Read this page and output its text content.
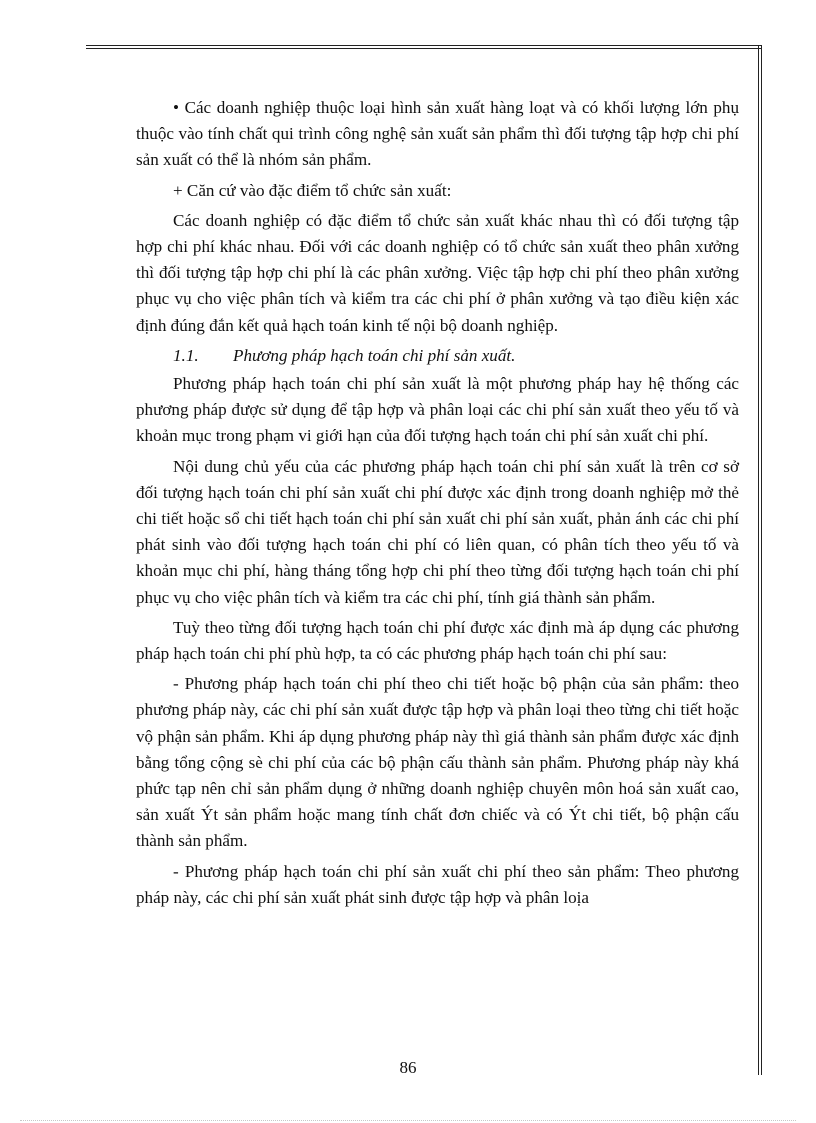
• Các doanh nghiệp thuộc loại hình sản xuất hàng loạt và có khối lượng lớn phụ thuộc vào tính chất qui trình công nghệ sản xuất sản phẩm thì đối tượng tập hợp chi phí sản xuất có thể là nhóm sản phẩm.

+ Căn cứ vào đặc điểm tổ chức sản xuất:

Các doanh nghiệp có đặc điểm tổ chức sản xuất khác nhau thì có đối tượng tập hợp chi phí khác nhau. Đối với các doanh nghiệp có tổ chức sản xuất theo phân xưởng thì đối tượng tập hợp chi phí là các phân xưởng. Việc tập hợp chi phí theo phân xưởng phục vụ cho việc phân tích và kiểm tra các chi phí ở phân xưởng và tạo điều kiện xác định đúng đắn kết quả hạch toán kinh tế nội bộ doanh nghiệp.

1.1. Phương pháp hạch toán chi phí sản xuất.

Phương pháp hạch toán chi phí sản xuất là một phương pháp hay hệ thống các phương pháp được sử dụng để tập hợp và phân loại các chi phí sản xuất theo yếu tố và khoản mục trong phạm vi giới hạn của đối tượng hạch toán chi phí sản xuất chi phí.

Nội dung chủ yếu của các phương pháp hạch toán chi phí sản xuất là trên cơ sở đối tượng hạch toán chi phí sản xuất chi phí được xác định trong doanh nghiệp mở thẻ chi tiết hoặc sổ chi tiết hạch toán chi phí sản xuất chi phí sản xuất, phản ánh các chi phí phát sinh vào đối tượng hạch toán chi phí có liên quan, có phân tích theo yếu tố và khoản mục chi phí, hàng tháng tổng hợp chi phí theo từng đối tượng hạch toán chi phí phục vụ cho việc phân tích và kiểm tra các chi phí, tính giá thành sản phẩm.

Tuỳ theo từng đối tượng hạch toán chi phí được xác định mà áp dụng các phương pháp hạch toán chi phí phù hợp, ta có các phương pháp hạch toán chi phí sau:

- Phương pháp hạch toán chi phí theo chi tiết hoặc bộ phận của sản phẩm: theo phương pháp này, các chi phí sản xuất được tập hợp và phân loại theo từng chi tiết hoặc vộ phận sản phẩm. Khi áp dụng phương pháp này thì giá thành sản phẩm được xác định bằng tổng cộng sè chi phí của các bộ phận cấu thành sản phẩm. Phương pháp này khá phức tạp nên chỉ sản phẩm dụng ở những doanh nghiệp chuyên môn hoá sản xuất cao, sản xuất Ýt sản phẩm hoặc mang tính chất đơn chiếc và có Ýt chi tiết, bộ phận cấu thành sản phẩm.

- Phương pháp hạch toán chi phí sản xuất chi phí theo sản phẩm: Theo phương pháp này, các chi phí sản xuất phát sinh được tập hợp và phân loịa

86
